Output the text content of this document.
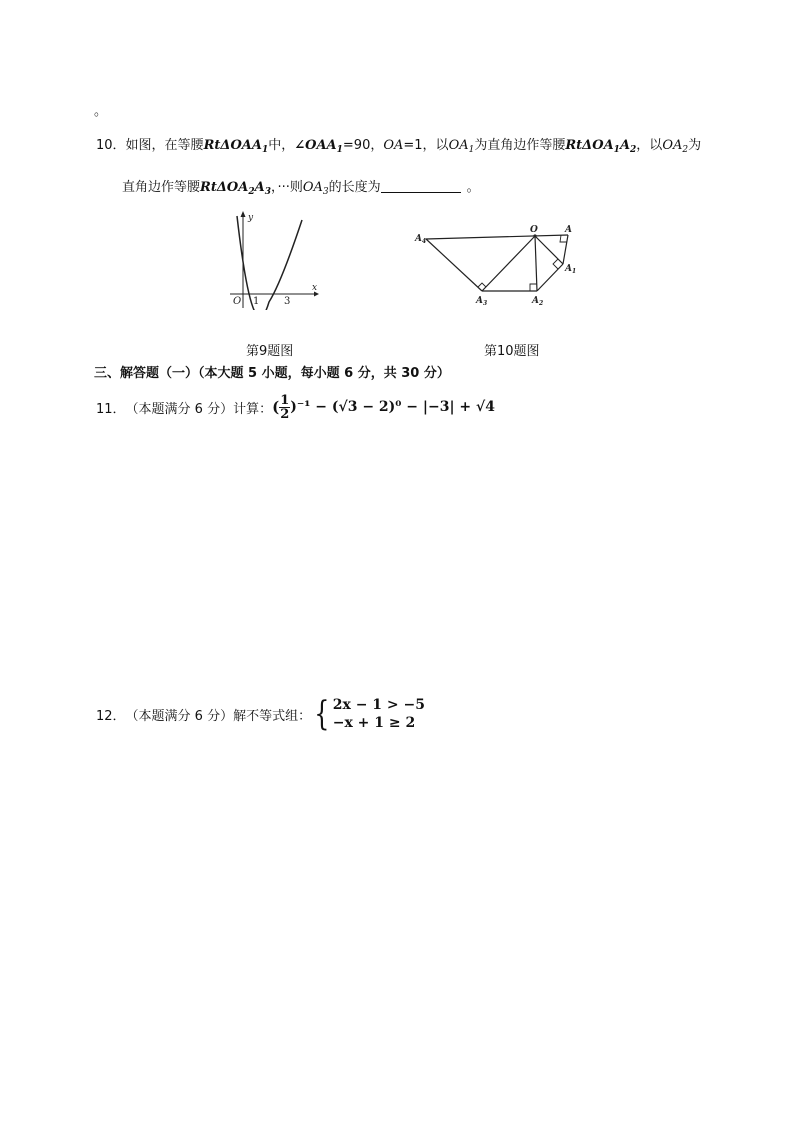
。
10．如图，在等腰RtΔOAA$_1$中，$\angle OAA_1=90$，OA=1，以$OA_1$为直角边作等腰$Rt\Delta OA_1A_2$，以$OA_2$为
直角边作等腰$Rt\Delta OA_2A_3$，···则$OA_3$的长度为	。
y
x
O 1 3
$A_4$
O	A
$A_1$
$A_2$
$A_3$
第9题图	第10题图
三、解答题（一）（本大题 5 小题，每小题 6 分，共 30 分）
11． （本题满分 6 分）计算： ( $\frac{1}{2} )^{-1} - (√3 - 2)^0 - |-3| + √4$
12． （本题满分 6 分）解不等式组： { 2x − 1 > −5
−x + 1 ≥ 2
